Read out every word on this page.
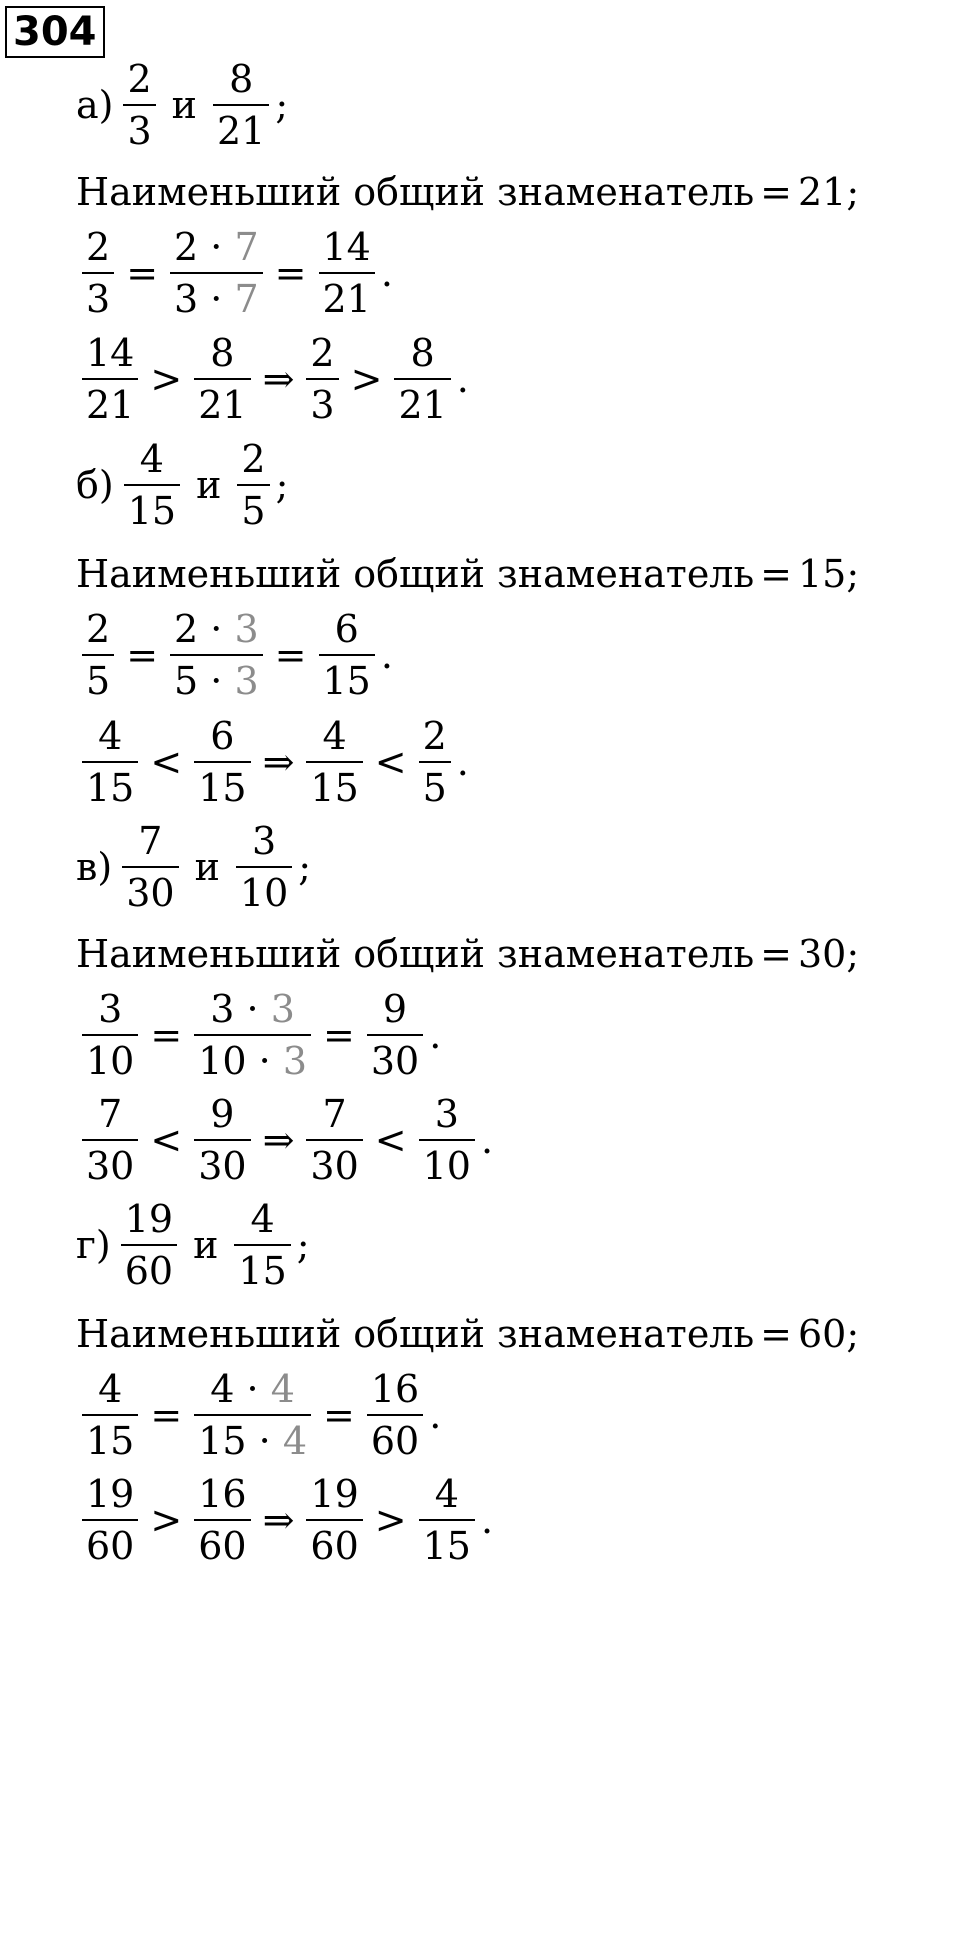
304
$а) \frac{2}{3}$ и $\frac{8}{21}$ ;
Наименьший общий знаменатель = 21 ;
$\frac{2}{3} = \frac{2 \cdot 7}{3 \cdot 7} = \frac{14}{21}$ .
$\frac{14}{21} > \frac{8}{21}$ ⇒ $\frac{2}{3} > \frac{8}{21}$ .
$б) \frac{4}{15}$ и $\frac{2}{5}$ ;
Наименьший общий знаменатель = 15 ;
$\frac{2}{5} = \frac{2 \cdot 3}{5 \cdot 3} = \frac{6}{15}$ .
$\frac{4}{15} < \frac{6}{15}$ ⇒ $\frac{4}{15} < \frac{2}{5}$ .
$в) \frac{7}{30}$ и $\frac{3}{10}$ ;
Наименьший общий знаменатель = 30 ;
$\frac{3}{10} = \frac{3 \cdot 3}{10 \cdot 3} = \frac{9}{30}$ .
$\frac{7}{30} < \frac{9}{30}$ ⇒ $\frac{7}{30} < \frac{3}{10}$ .
$г) \frac{19}{60}$ и $\frac{4}{15}$ ;
Наименьший общий знаменатель = 60 ;
$\frac{4}{15} = \frac{4 \cdot 4}{15 \cdot 4} = \frac{16}{60}$ .
$\frac{19}{60} > \frac{16}{60}$ ⇒ $\frac{19}{60} > \frac{4}{15}$ .
